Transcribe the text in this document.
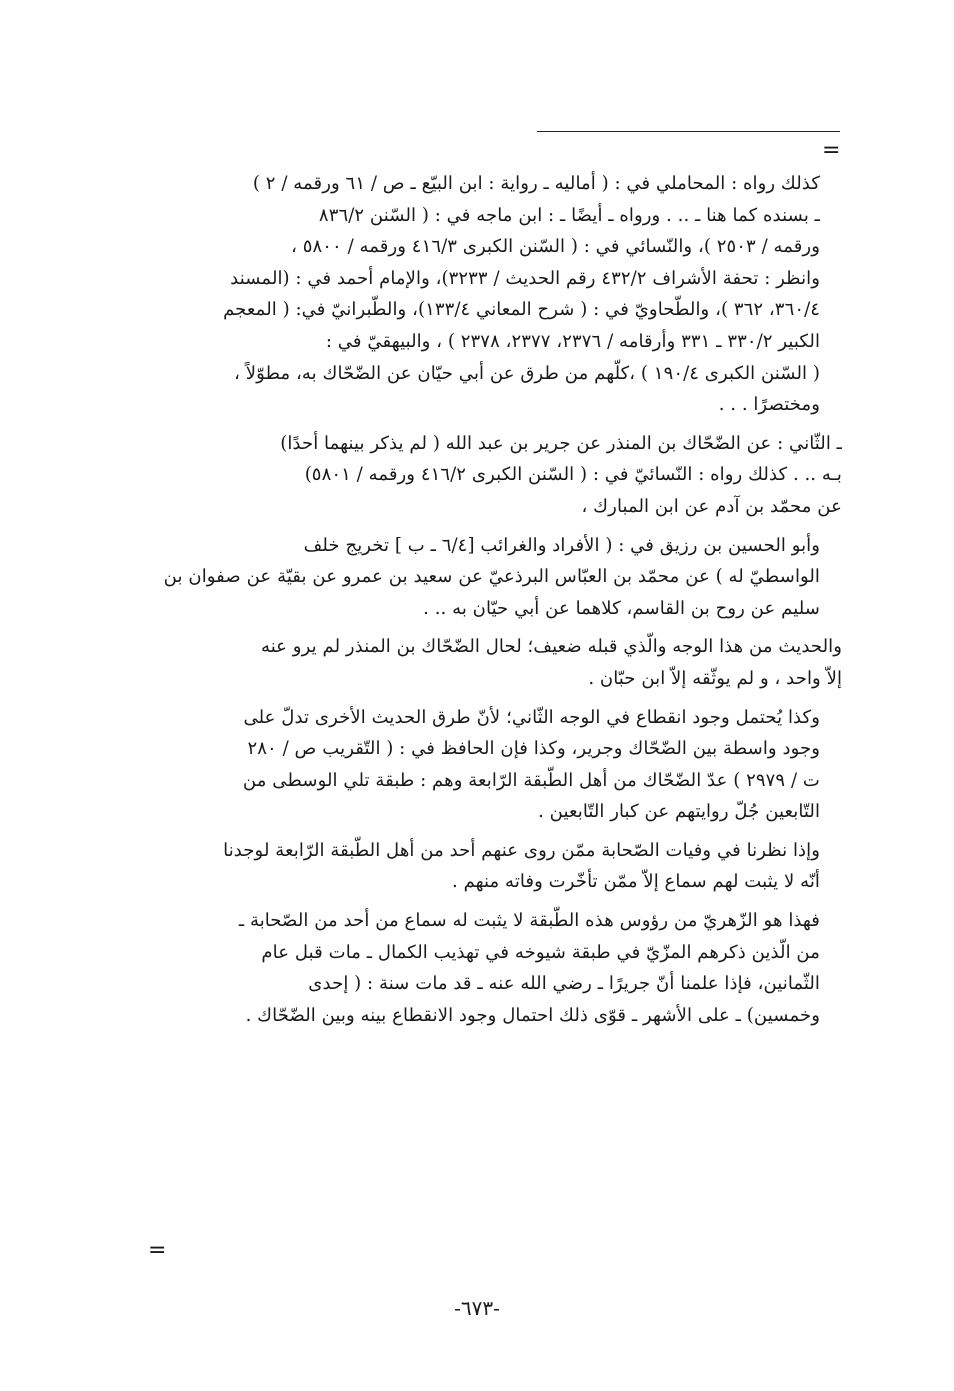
=

كذلك رواه : المحاملي في : ( أماليه ـ رواية : ابن البيّع ـ ص / ٦١ ورقمه / ٢ )
ـ بسنده كما هنا ـ .. . ورواه ـ أيضًا ـ : ابن ماجه في : ( السّنن ٨٣٦/٢
ورقمه / ٢٥٠٣ )، والنّسائي في : ( السّنن الكبرى ٤١٦/٣ ورقمه / ٥٨٠٠ ،
وانظر : تحفة الأشراف ٤٣٢/٢ رقم الحديث / ٣٢٣٣)، والإمام أحمد في : (المسند
٣٦٠/٤، ٣٦٢ )، والطّحاويّ في : ( شرح المعاني ١٣٣/٤)، والطّبرانيّ في: ( المعجم
الكبير ٣٣٠/٢ ـ ٣٣١ وأرقامه / ٢٣٧٦، ٢٣٧٧، ٢٣٧٨ ) ، والبيهقيّ في :
( السّنن الكبرى ١٩٠/٤ ) ،كلّهم من طرق عن أبي حيّان عن الضّحّاك به، مطوّلاً ،
ومختصرًا . . .

ـ الثّاني : عن الضّحّاك بن المنذر عن جرير بن عبد الله ( لم يذكر بينهما أحدًا)
بـه .. . كذلك رواه : النّسائيّ في : ( السّنن الكبرى ٤١٦/٢ ورقمه / ٥٨٠١)
عن محمّد بن آدم عن ابن المبارك ،

وأبو الحسين بن رزيق في : ( الأفراد والغرائب [٦/٤ ـ ب ] تخريج خلف
الواسطيّ له ) عن محمّد بن العبّاس البرذعيّ عن سعيد بن عمرو عن بقيّة عن صفوان بن
سليم عن روح بن القاسم، كلاهما عن أبي حيّان به .. .

والحديث من هذا الوجه والّذي قبله ضعيف؛ لحال الضّحّاك بن المنذر لم يرو عنه
إلاّ واحد ، و لم يوثّقه إلاّ ابن حبّان .

وكذا يُحتمل وجود انقطاع في الوجه الثّاني؛ لأنّ طرق الحديث الأخرى تدلّ على
وجود واسطة بين الضّحّاك وجرير، وكذا فإن الحافظ في : ( التّقريب ص / ٢٨٠
ت / ٢٩٧٩ ) عدّ الضّحّاك من أهل الطّبقة الرّابعة وهم : طبقة تلي الوسطى من
التّابعين جُلّ روايتهم عن كبار التّابعين .

وإذا نظرنا في وفيات الصّحابة ممّن روى عنهم أحد من أهل الطّبقة الرّابعة لوجدنا
أنّه لا يثبت لهم سماع إلاّ ممّن تأخّرت وفاته منهم .

فهذا هو الزّهريّ من رؤوس هذه الطّبقة لا يثبت له سماع من أحد من الصّحابة ـ
من الّذين ذكرهم المزّيّ في طبقة شيوخه في تهذيب الكمال ـ مات قبل عام
الثّمانين، فإذا علمنا أنّ جريرًا ـ رضي الله عنه ـ قد مات سنة : ( إحدى
وخمسين) ـ على الأشهر ـ قوّى ذلك احتمال وجود الانقطاع بينه وبين الضّحّاك .

=
-٦٧٣-
